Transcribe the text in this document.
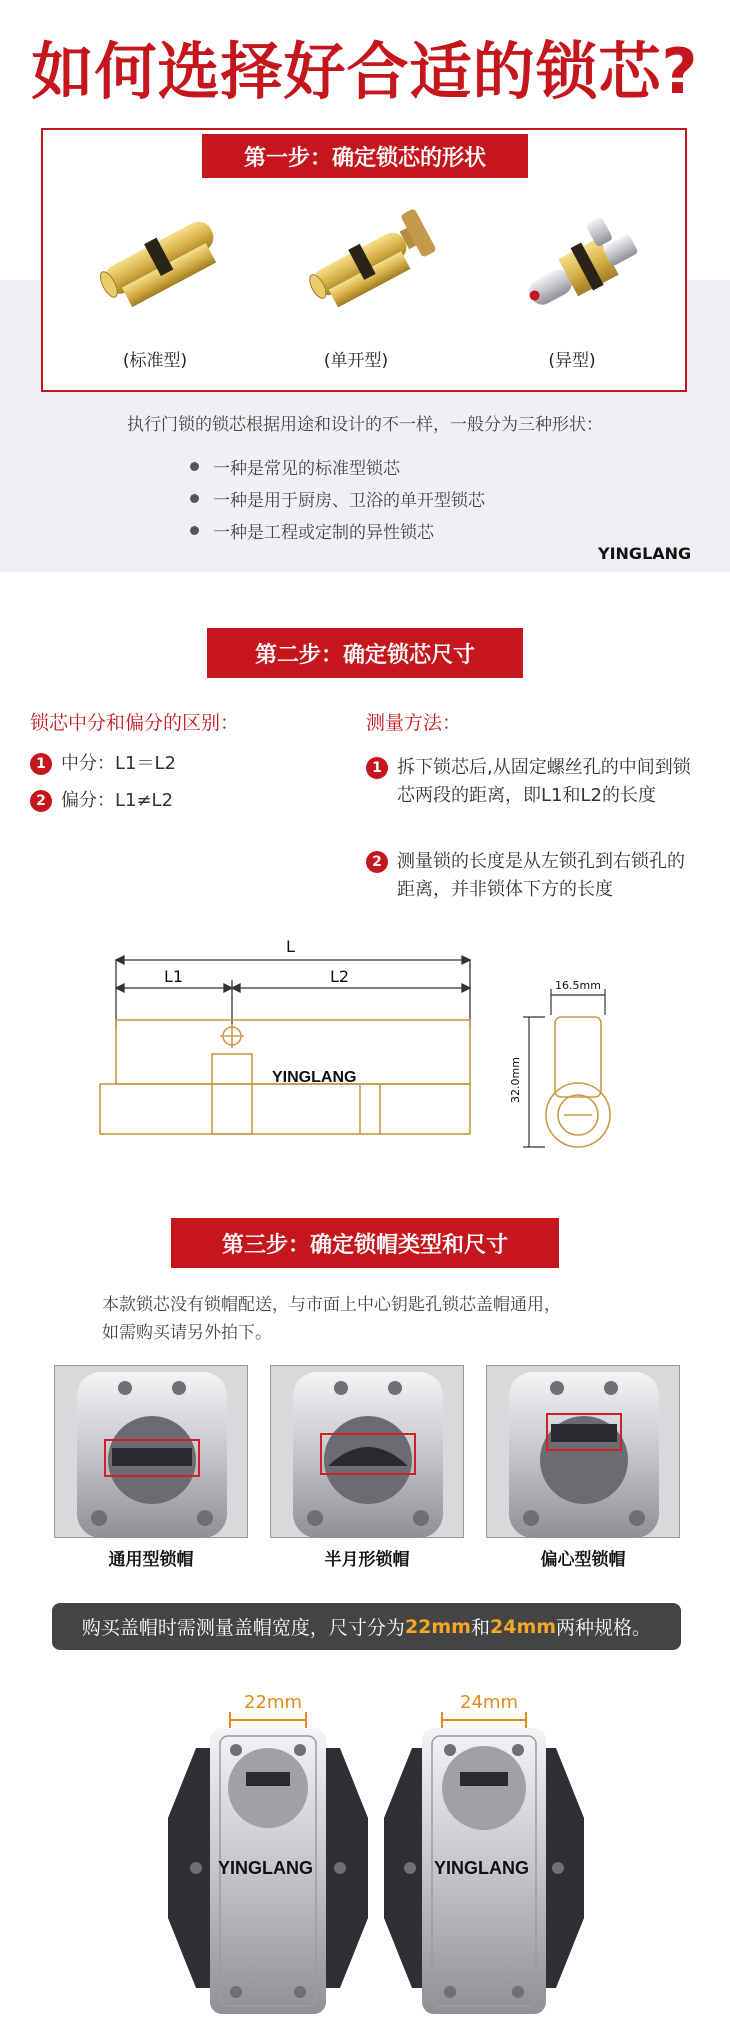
如何选择好合适的锁芯?
第一步：确定锁芯的形状
(标准型)	(单开型)	(异型)
执行门锁的锁芯根据用途和设计的不一样，一般分为三种形状：
一种是常见的标准型锁芯
一种是用于厨房、卫浴的单开型锁芯
一种是工程或定制的异性锁芯
YINGLANG
第二步：确定锁芯尺寸
锁芯中分和偏分的区别：
1 中分：L1＝L2
2 偏分：L1≠L2
测量方法：
1 拆下锁芯后,从固定螺丝孔的中间到锁芯两段的距离，即L1和L2的长度
2 测量锁的长度是从左锁孔到右锁孔的距离，并非锁体下方的长度
L
L1	L2
YINGLANG
16.5mm
32.0mm
第三步：确定锁帽类型和尺寸
本款锁芯没有锁帽配送，与市面上中心钥匙孔锁芯盖帽通用，
如需购买请另外拍下。
通用型锁帽	半月形锁帽	偏心型锁帽
购买盖帽时需测量盖帽宽度，尺寸分为 22mm 和 24mm 两种规格。
22mm
YINGLANG
24mm
YINGLANG
